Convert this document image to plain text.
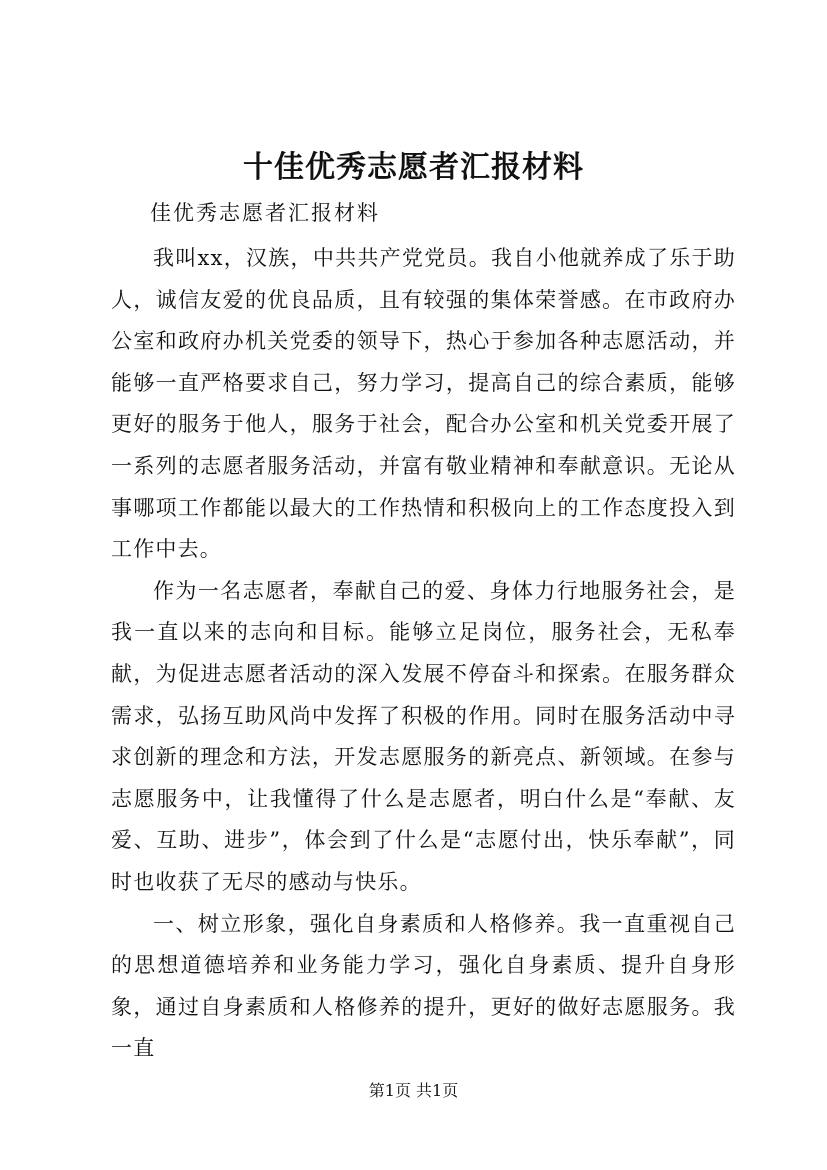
十佳优秀志愿者汇报材料
佳优秀志愿者汇报材料

我叫xx，汉族，中共共产党党员。我自小他就养成了乐于助人，诚信友爱的优良品质，且有较强的集体荣誉感。在市政府办公室和政府办机关党委的领导下，热心于参加各种志愿活动，并能够一直严格要求自己，努力学习，提高自己的综合素质，能够更好的服务于他人，服务于社会，配合办公室和机关党委开展了一系列的志愿者服务活动，并富有敬业精神和奉献意识。无论从事哪项工作都能以最大的工作热情和积极向上的工作态度投入到工作中去。

作为一名志愿者，奉献自己的爱、身体力行地服务社会，是我一直以来的志向和目标。能够立足岗位，服务社会，无私奉献，为促进志愿者活动的深入发展不停奋斗和探索。在服务群众需求，弘扬互助风尚中发挥了积极的作用。同时在服务活动中寻求创新的理念和方法，开发志愿服务的新亮点、新领域。在参与志愿服务中，让我懂得了什么是志愿者，明白什么是“奉献、友爱、互助、进步”，体会到了什么是“志愿付出，快乐奉献”，同时也收获了无尽的感动与快乐。

一、树立形象，强化自身素质和人格修养。我一直重视自己的思想道德培养和业务能力学习，强化自身素质、提升自身形象，通过自身素质和人格修养的提升，更好的做好志愿服务。我一直

第1页 共1页
